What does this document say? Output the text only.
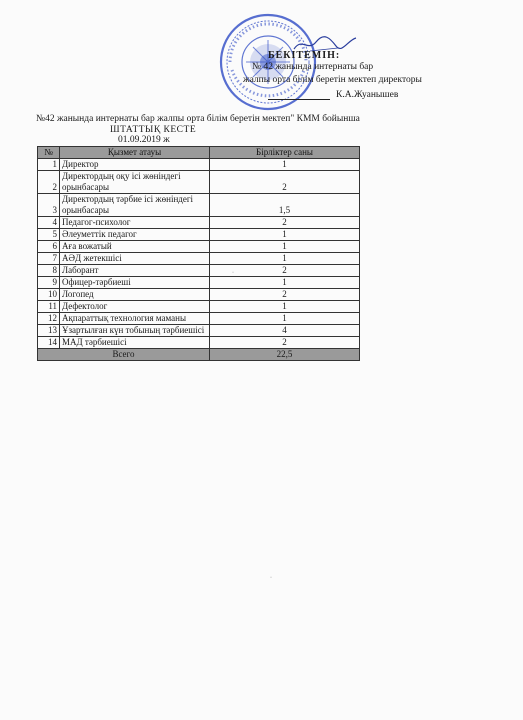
БЕКІТЕМІН:
№ 42 жанында интернаты бар
жалпы орта білім беретін мектеп директоры
К.А.Жуанышев
№42 жанында интернаты бар жалпы орта білім беретін мектеп" КММ бойынша
ШТАТТЫҚ КЕСТЕ
01.09.2019 ж
№	Қызмет атауы	Бірліктер саны
1	Директор	1
2	Директордың оқу ісі жөніндегі орынбасары	2
3	Директордың тәрбие ісі жөніндегі орынбасары	1,5
4	Педагог-психолог	2
5	Әлеуметтік педагог	1
6	Аға вожатый	1
7	АӘД жетекшісі	1
8	Лаборант	2
9	Офицер-тәрбиеші	1
10	Логопед	2
11	Дефектолог	1
12	Ақпараттық технология маманы	1
13	Ұзартылған күн тобының тәрбиешісі	4
14	МАД тәрбиешісі	2
Всего		22,5
·
·
